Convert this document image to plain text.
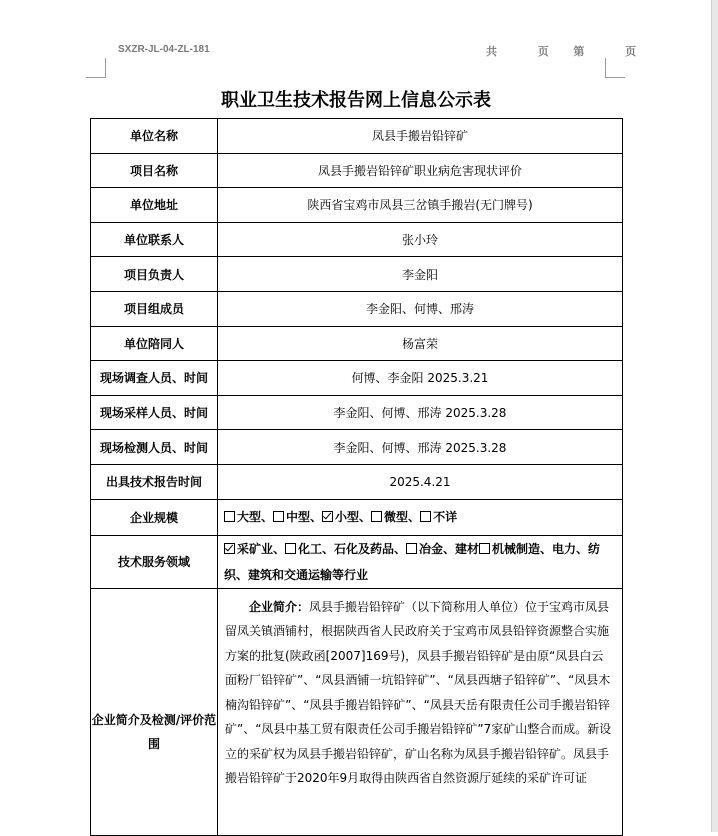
SXZR-JL-04-ZL-181	共	页 第	页
职业卫生技术报告网上信息公示表
单位名称	凤县手搬岩铅锌矿
项目名称	凤县手搬岩铅锌矿职业病危害现状评价
单位地址	陕西省宝鸡市凤县三岔镇手搬岩(无门牌号)
单位联系人	张小玲
项目负责人	李金阳
项目组成员	李金阳、何博、邢涛
单位陪同人	杨富荣
现场调查人员、时间	何博、李金阳 2025.3.21
现场采样人员、时间	李金阳、何博、邢涛 2025.3.28
现场检测人员、时间	李金阳、何博、邢涛 2025.3.28
出具技术报告时间	2025.4.21
企业规模	大型、 中型、 小型、 微型、 不详
技术服务领域	采矿业、 化工、石化及药品、 冶金、建材 机械制造、电力、纺织、建筑和交通运输等行业
企业简介及检测/评价范围	企业简介：凤县手搬岩铅锌矿（以下简称用人单位）位于宝鸡市凤县留凤关镇酒铺村，根据陕西省人民政府关于宝鸡市凤县铅锌资源整合实施方案的批复(陕政函[2007]169号)，凤县手搬岩铅锌矿是由原“凤县白云面粉厂铅锌矿”、“凤县酒铺一坑铅锌矿”、“凤县西塘子铅锌矿”、“凤县木楠沟铅锌矿”、“凤县手搬岩铅锌矿”、“凤县天岳有限责任公司手搬岩铅锌矿”、“凤县中基工贸有限责任公司手搬岩铅锌矿”7家矿山整合而成。新设立的采矿权为凤县手搬岩铅锌矿，矿山名称为凤县手搬岩铅锌矿。凤县手搬岩铅锌矿于2020年9月取得由陕西省自然资源厅延续的采矿许可证
